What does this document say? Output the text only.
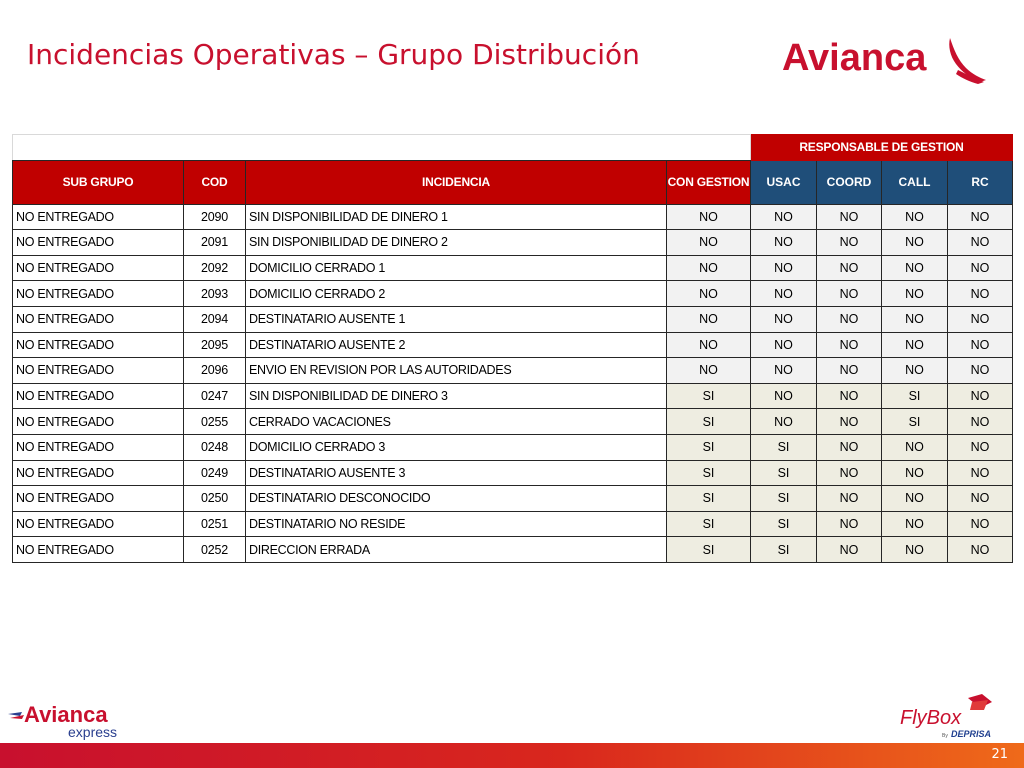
Incidencias Operativas – Grupo Distribución	Avianca
				RESPONSABLE DE GESTION			
SUB GRUPO	COD	INCIDENCIA	CON GESTION	USAC	COORD	CALL	RC
NO ENTREGADO	2090	SIN DISPONIBILIDAD DE DINERO 1	NO	NO	NO	NO	NO
NO ENTREGADO	2091	SIN DISPONIBILIDAD DE DINERO 2	NO	NO	NO	NO	NO
NO ENTREGADO	2092	DOMICILIO CERRADO 1	NO	NO	NO	NO	NO
NO ENTREGADO	2093	DOMICILIO CERRADO 2	NO	NO	NO	NO	NO
NO ENTREGADO	2094	DESTINATARIO AUSENTE 1	NO	NO	NO	NO	NO
NO ENTREGADO	2095	DESTINATARIO AUSENTE 2	NO	NO	NO	NO	NO
NO ENTREGADO	2096	ENVIO EN REVISION POR LAS AUTORIDADES	NO	NO	NO	NO	NO
NO ENTREGADO	0247	SIN DISPONIBILIDAD DE DINERO 3	SI	NO	NO	SI	NO
NO ENTREGADO	0255	CERRADO VACACIONES	SI	NO	NO	SI	NO
NO ENTREGADO	0248	DOMICILIO CERRADO 3	SI	SI	NO	NO	NO
NO ENTREGADO	0249	DESTINATARIO AUSENTE 3	SI	SI	NO	NO	NO
NO ENTREGADO	0250	DESTINATARIO DESCONOCIDO	SI	SI	NO	NO	NO
NO ENTREGADO	0251	DESTINATARIO NO RESIDE	SI	SI	NO	NO	NO
NO ENTREGADO	0252	DIRECCION ERRADA	SI	SI	NO	NO	NO
Avianca
express
FlyBox
By DEPRISA
21
